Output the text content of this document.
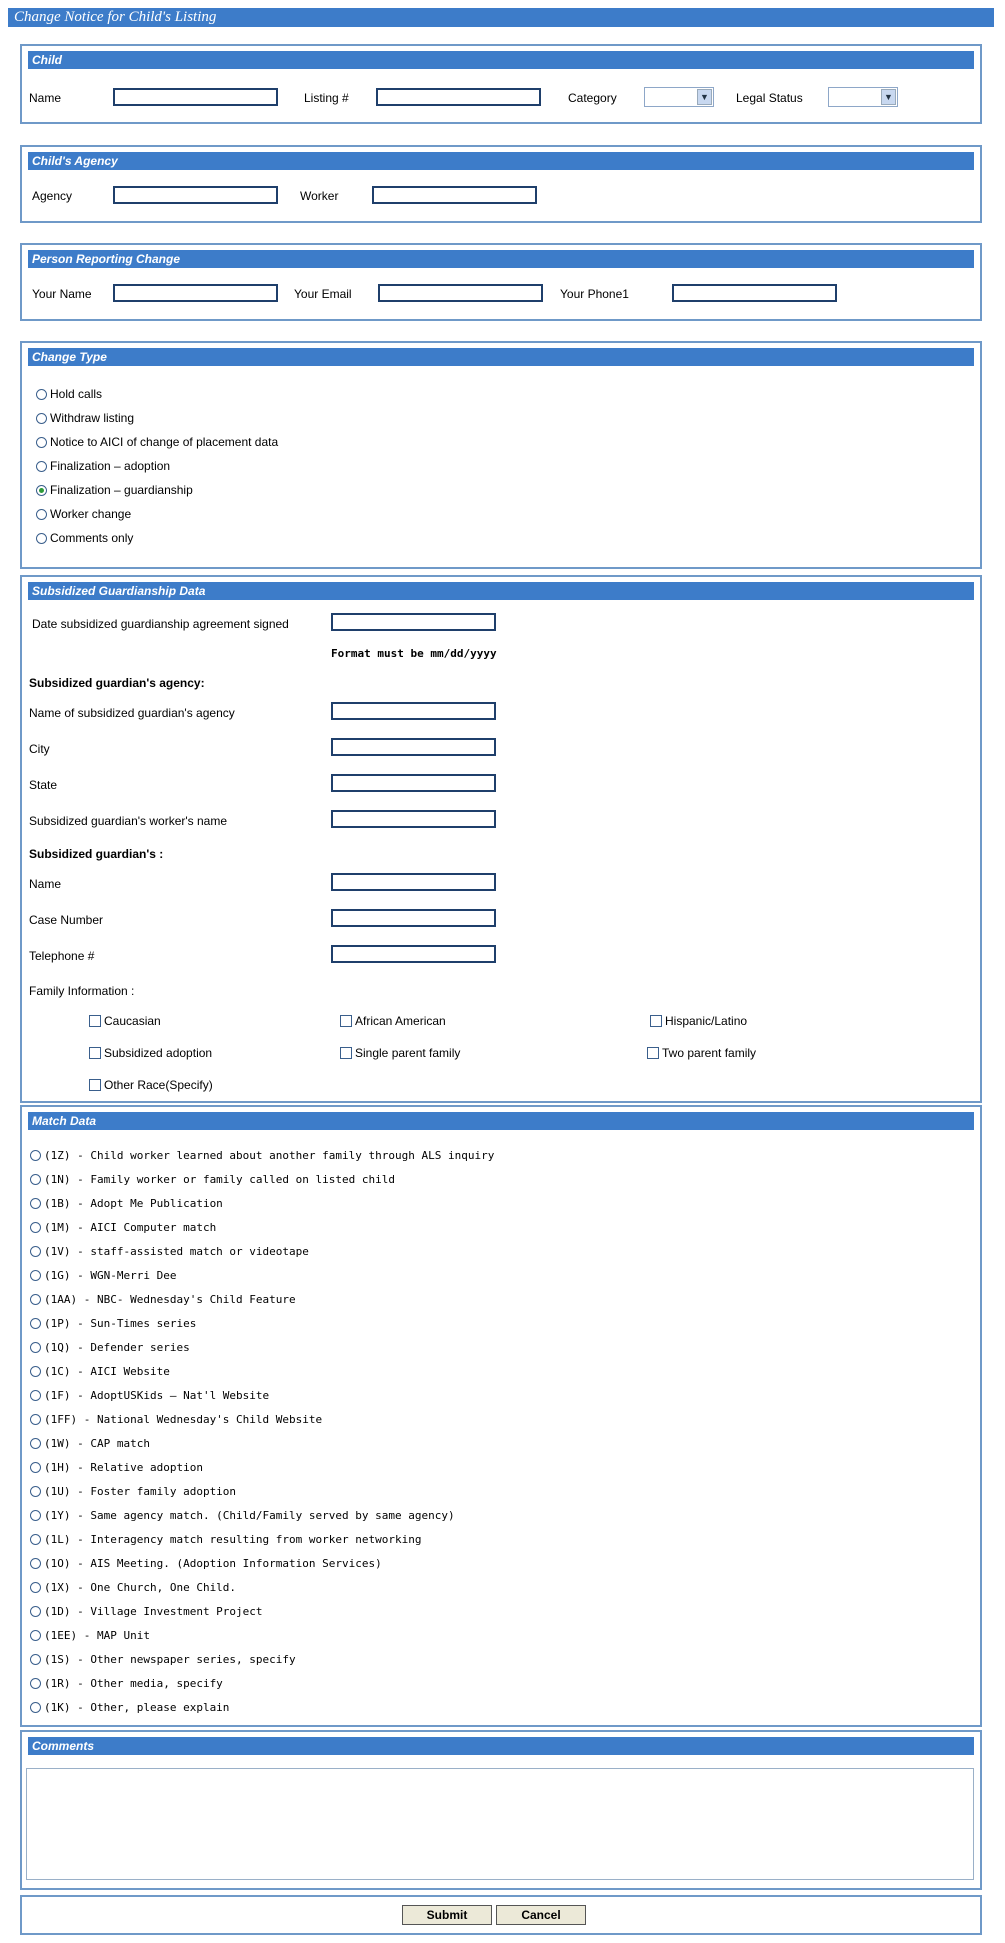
Change Notice for Child's Listing
Child
Name	Listing #	Category	▼ Legal Status	▼
Child's Agency
Agency	Worker
Person Reporting Change
Your Name	Your Email	Your Phone1
Change Type
Hold calls
Withdraw listing
Notice to AICI of change of placement data
Finalization – adoption
Finalization – guardianship
Worker change
Comments only
Subsidized Guardianship Data
Date subsidized guardianship agreement signed
Format must be mm/dd/yyyy
Subsidized guardian's agency:
Name of subsidized guardian's agency
City
State
Subsidized guardian's worker's name
Subsidized guardian's :
Name
Case Number
Telephone #
Family Information :
Caucasian	African American	Hispanic/Latino
Subsidized adoption	Single parent family	Two parent family
Other Race(Specify)
Match Data
(1Z) - Child worker learned about another family through ALS inquiry
(1N) - Family worker or family called on listed child
(1B) - Adopt Me Publication
(1M) - AICI Computer match
(1V) - staff-assisted match or videotape
(1G) - WGN-Merri Dee
(1AA) - NBC- Wednesday's Child Feature
(1P) - Sun-Times series
(1Q) - Defender series
(1C) - AICI Website
(1F) - AdoptUSKids – Nat'l Website
(1FF) - National Wednesday's Child Website
(1W) - CAP match
(1H) - Relative adoption
(1U) - Foster family adoption
(1Y) - Same agency match. (Child/Family served by same agency)
(1L) - Interagency match resulting from worker networking
(1O) - AIS Meeting. (Adoption Information Services)
(1X) - One Church, One Child.
(1D) - Village Investment Project
(1EE) - MAP Unit
(1S) - Other newspaper series, specify
(1R) - Other media, specify
(1K) - Other, please explain
Comments
Submit	Cancel
